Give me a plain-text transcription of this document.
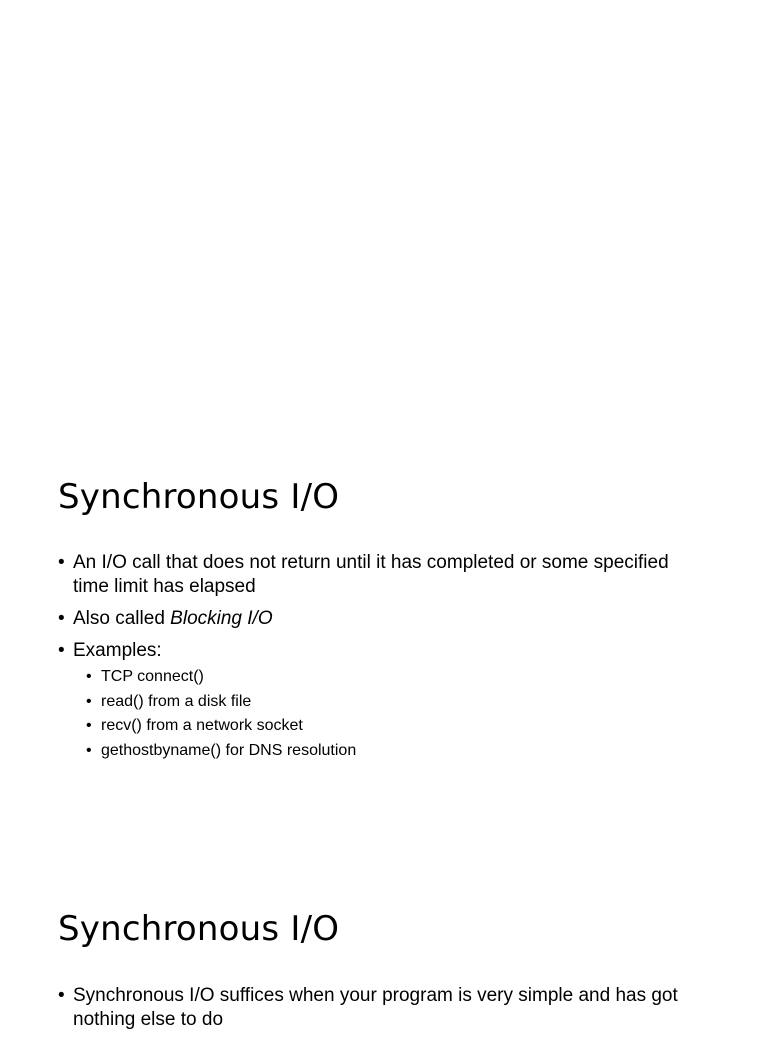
Synchronous I/O
• An I/O call that does not return until it has completed or some specified time limit has elapsed
• Also called Blocking I/O
• Examples:
• TCP connect()
• read() from a disk file
• recv() from a network socket
• gethostbyname() for DNS resolution
Synchronous I/O
• Synchronous I/O suffices when your program is very simple and has got nothing else to do
